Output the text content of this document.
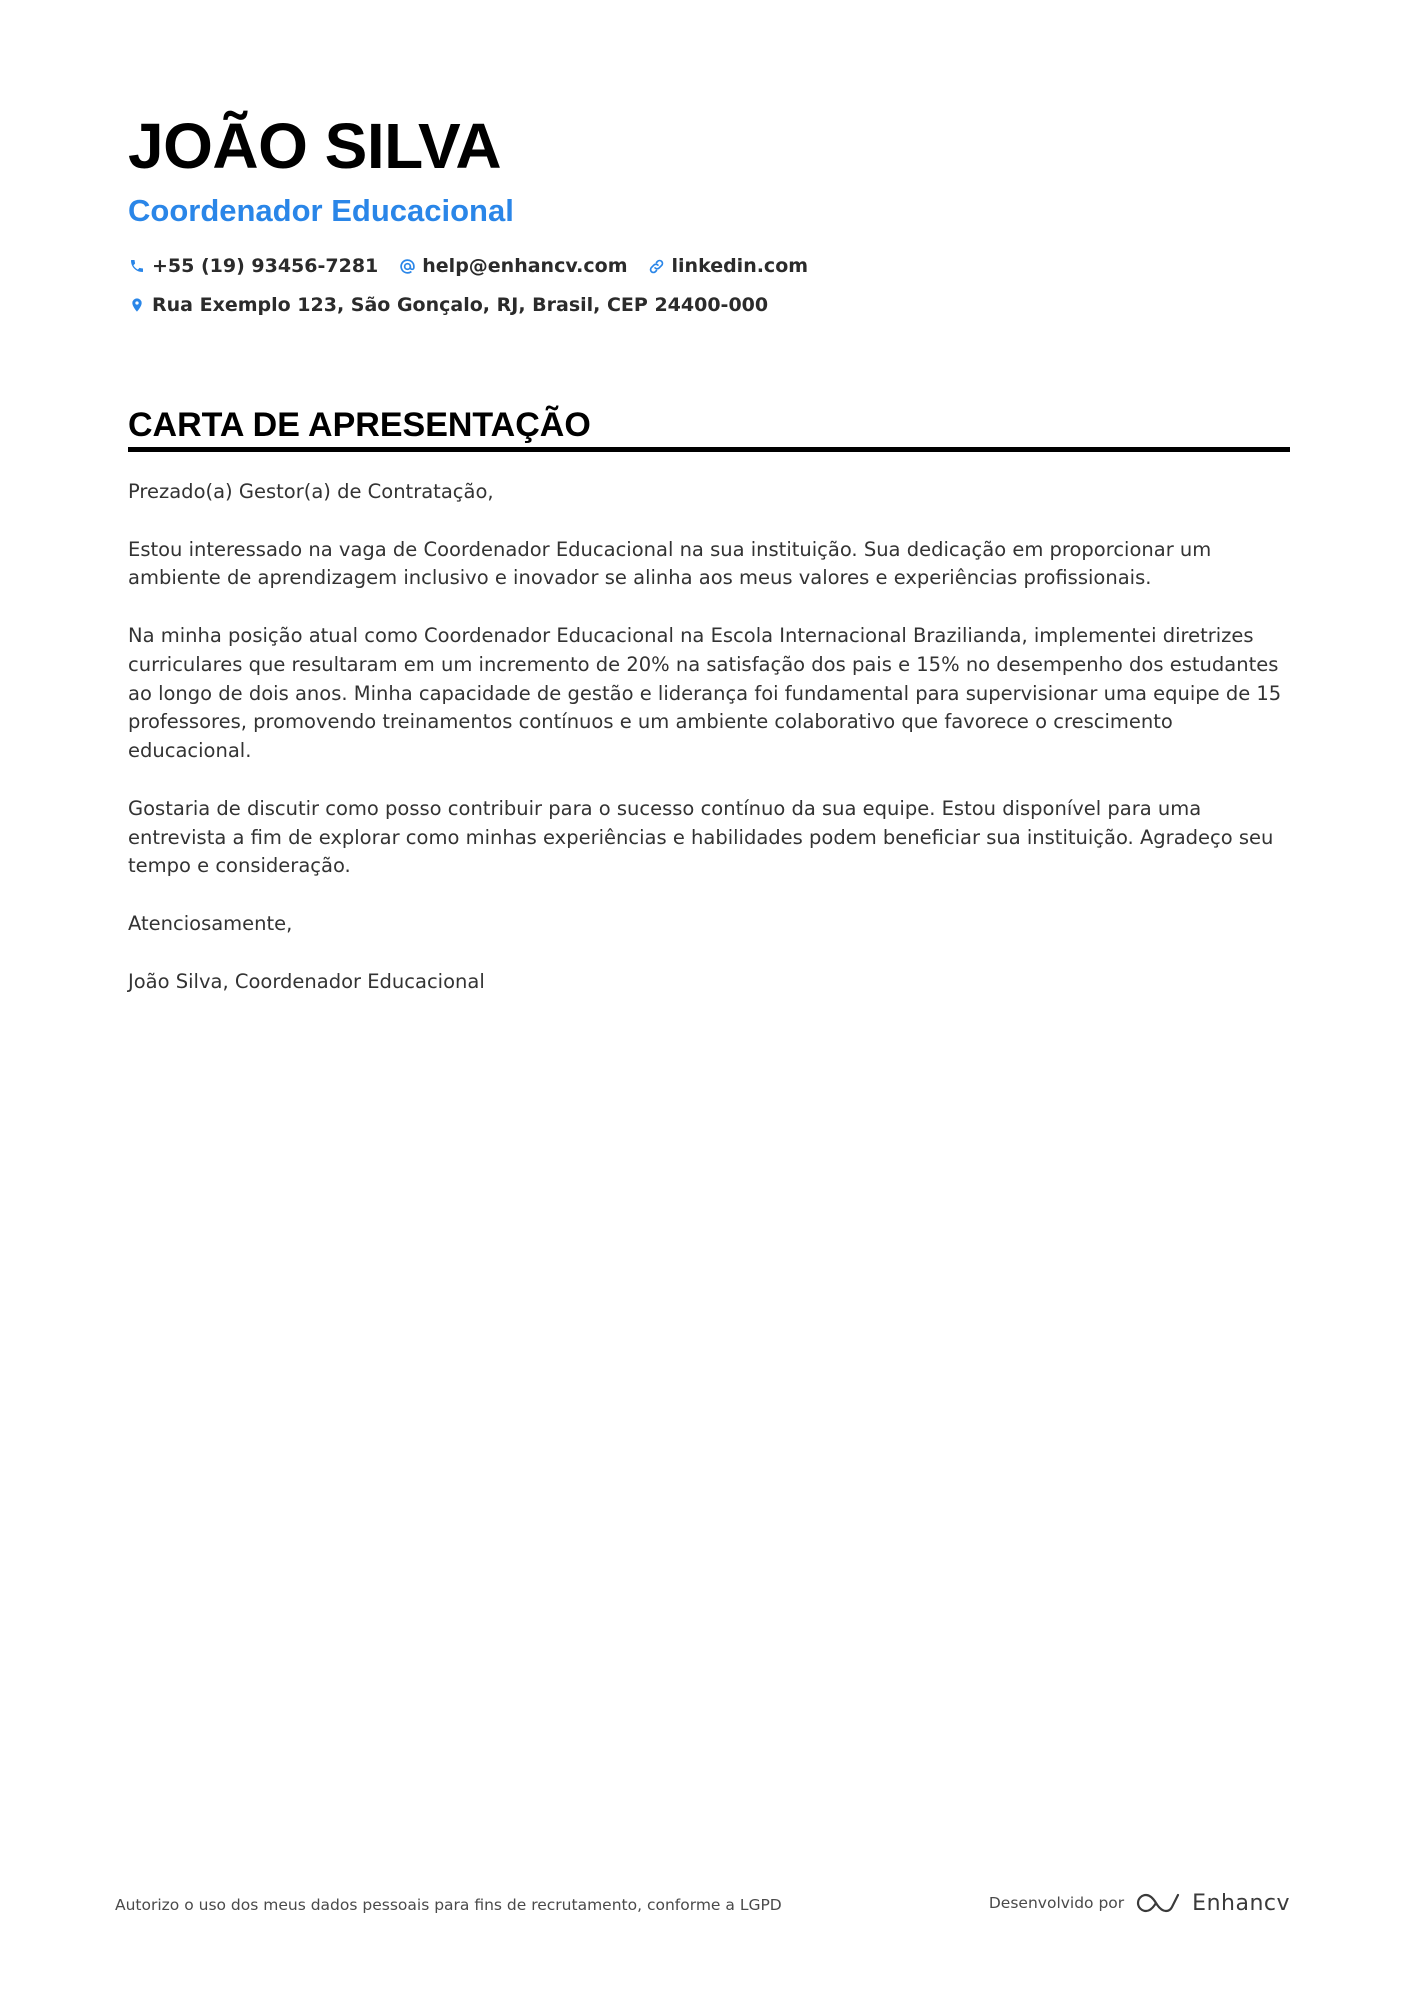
JOÃO SILVA
Coordenador Educacional
+55 (19) 93456-7281 help@enhancv.com linkedin.com
Rua Exemplo 123, São Gonçalo, RJ, Brasil, CEP 24400-000
CARTA DE APRESENTAÇÃO

Prezado(a) Gestor(a) de Contratação,

Estou interessado na vaga de Coordenador Educacional na sua instituição. Sua dedicação em proporcionar um ambiente de aprendizagem inclusivo e inovador se alinha aos meus valores e experiências profissionais.

Na minha posição atual como Coordenador Educacional na Escola Internacional Brazilianda, implementei diretrizes curriculares que resultaram em um incremento de 20% na satisfação dos pais e 15% no desempenho dos estudantes ao longo de dois anos. Minha capacidade de gestão e liderança foi fundamental para supervisionar uma equipe de 15 professores, promovendo treinamentos contínuos e um ambiente colaborativo que favorece o crescimento educacional.

Gostaria de discutir como posso contribuir para o sucesso contínuo da sua equipe. Estou disponível para uma entrevista a fim de explorar como minhas experiências e habilidades podem beneficiar sua instituição. Agradeço seu tempo e consideração.

Atenciosamente,

João Silva, Coordenador Educacional

Autorizo o uso dos meus dados pessoais para fins de recrutamento, conforme a LGPD	Desenvolvido por	Enhancv
